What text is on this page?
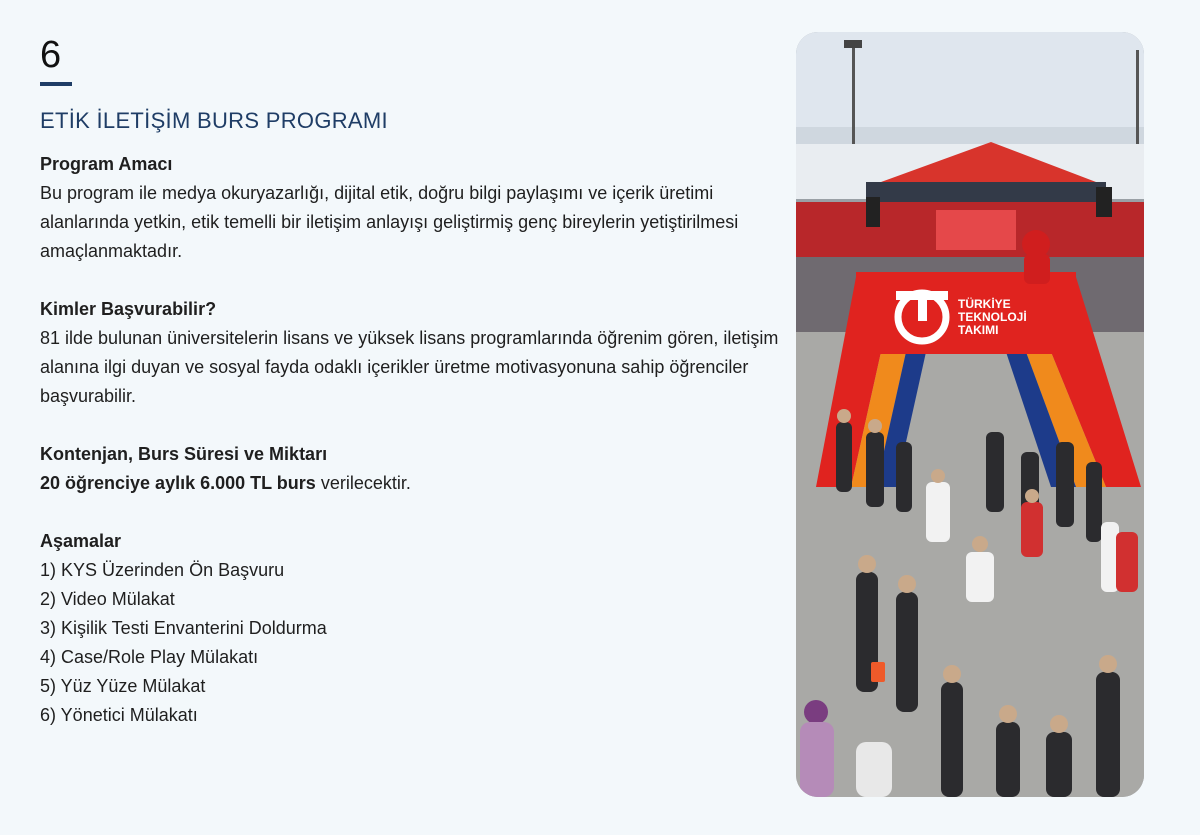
6
ETİK İLETİŞİM BURS PROGRAMI
Program Amacı
Bu program ile medya okuryazarlığı, dijital etik, doğru bilgi paylaşımı ve içerik üretimi alanlarında yetkin, etik temelli bir iletişim anlayışı geliştirmiş genç bireylerin yetiştirilmesi amaçlanmaktadır.
Kimler Başvurabilir?
81 ilde bulunan üniversitelerin lisans ve yüksek lisans programlarında öğrenim gören, iletişim alanına ilgi duyan ve sosyal fayda odaklı içerikler üretme motivasyonuna sahip öğrenciler başvurabilir.
Kontenjan, Burs Süresi ve Miktarı
20 öğrenciye aylık 6.000 TL burs verilecektir.
Aşamalar
1) KYS Üzerinden Ön Başvuru
2) Video Mülakat
3) Kişilik Testi Envanterini Doldurma
4) Case/Role Play Mülakatı
5) Yüz Yüze Mülakat
6) Yönetici Mülakatı
TÜRKİYE
TEKNOLOJİ
TAKIMI
